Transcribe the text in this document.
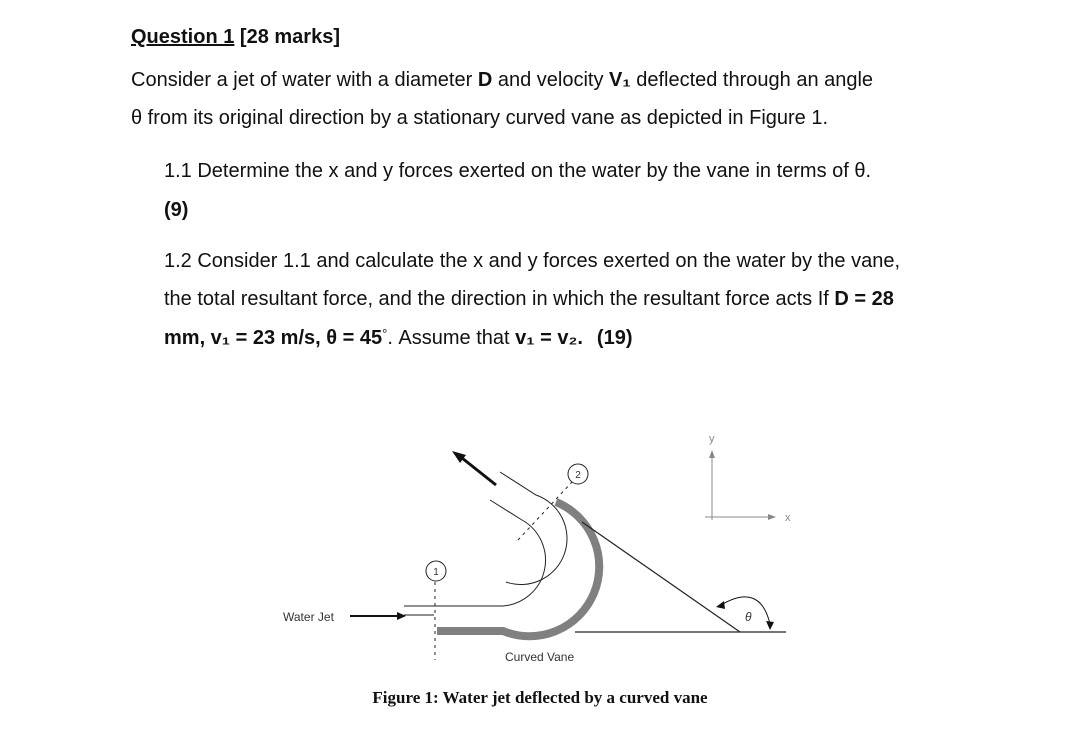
Question 1 [28 marks]
Consider a jet of water with a diameter D and velocity V₁ deflected through an angle
θ from its original direction by a stationary curved vane as depicted in Figure 1.
1.1 Determine the x and y forces exerted on the water by the vane in terms of θ.
(9)
1.2 Consider 1.1 and calculate the x and y forces exerted on the water by the vane,
the total resultant force, and the direction in which the resultant force acts If D = 28
mm, v₁ = 23 m/s, θ = 45°. Assume that v₁ = v₂. (19)
Water Jet
Curved Vane
1
2
θ
y
x
Figure 1: Water jet deflected by a curved vane
